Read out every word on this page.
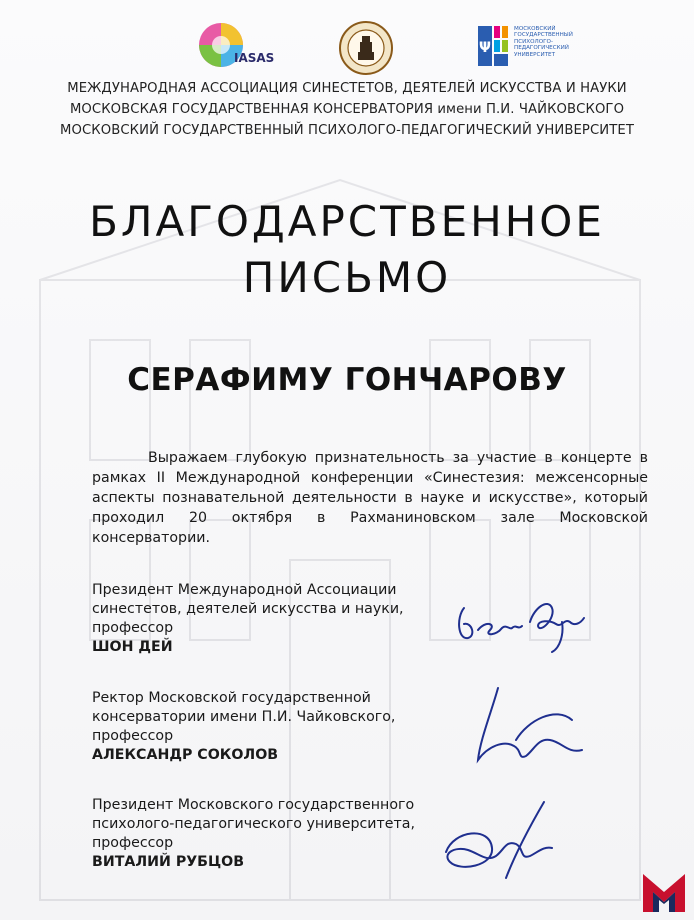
IASAS
Ψ
МОСКОВСКИЙ ГОСУДАРСТВЕННЫЙ ПСИХОЛОГО-ПЕДАГОГИЧЕСКИЙ УНИВЕРСИТЕТ
МЕЖДУНАРОДНАЯ АССОЦИАЦИЯ СИНЕСТЕТОВ, ДЕЯТЕЛЕЙ ИСКУССТВА И НАУКИ
МОСКОВСКАЯ ГОСУДАРСТВЕННАЯ КОНСЕРВАТОРИЯ имени П.И. ЧАЙКОВСКОГО
МОСКОВСКИЙ ГОСУДАРСТВЕННЫЙ ПСИХОЛОГО-ПЕДАГОГИЧЕСКИЙ УНИВЕРСИТЕТ
БЛАГОДАРСТВЕННОЕ
ПИСЬМО
СЕРАФИМУ ГОНЧАРОВУ
Выражаем глубокую признательность за участие в концерте в рамках II Международной конференции «Синестезия: межсенсорные аспекты познавательной деятельности в науке и искусстве», который проходил 20 октября в Рахманиновском зале Московской консерватории.
Президент Международной Ассоциации
синестетов, деятелей искусства и науки,
профессор
ШОН ДЕЙ
Ректор Московской государственной
консерватории имени П.И. Чайковского,
профессор
АЛЕКСАНДР СОКОЛОВ
Президент Московского государственного
психолого-педагогического университета,
профессор
ВИТАЛИЙ РУБЦОВ
